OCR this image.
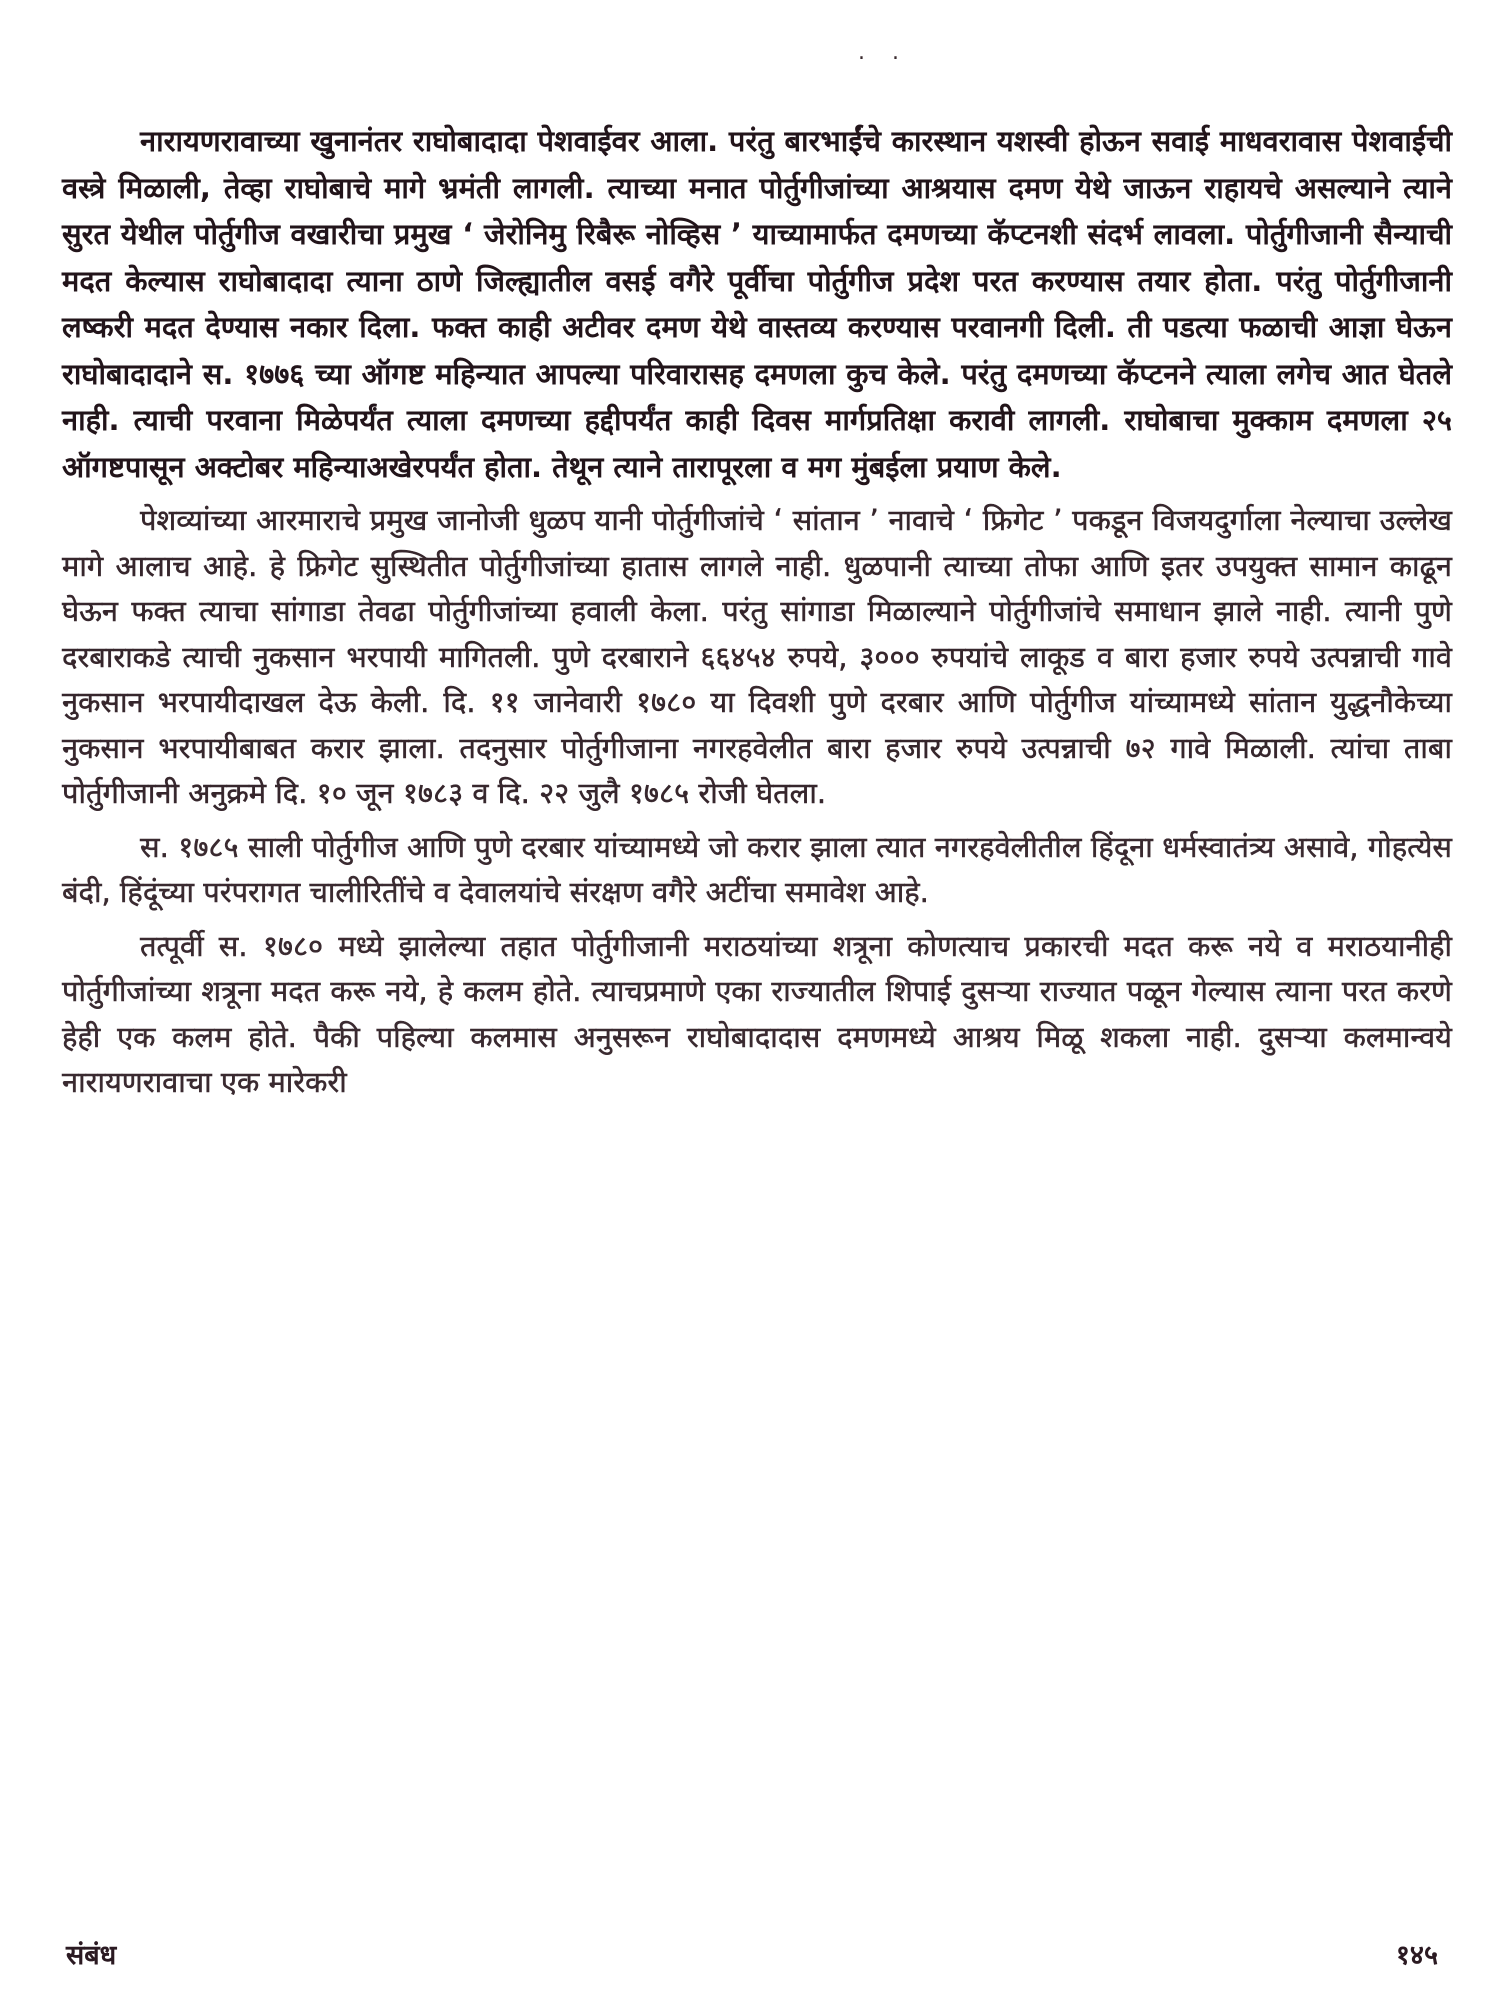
. .

नारायणरावाच्या खुनानंतर राघोबादादा पेशवाईवर आला. परंतु बारभाईंचे कारस्थान यशस्वी होऊन सवाई माधवरावास पेशवाईची वस्त्रे मिळाली, तेव्हा राघोबाचे मागे भ्रमंती लागली. त्याच्या मनात पोर्तुगीजांच्या आश्रयास दमण येथे जाऊन राहायचे असल्याने त्याने सुरत येथील पोर्तुगीज वखारीचा प्रमुख ‘ जेरोनिमु रिबैरू नोव्हिस ’ याच्यामार्फत दमणच्या कॅप्टनशी संदर्भ लावला. पोर्तुगीजानी सैन्याची मदत केल्यास राघोबादादा त्याना ठाणे जिल्ह्यातील वसई वगैरे पूर्वीचा पोर्तुगीज प्रदेश परत करण्यास तयार होता. परंतु पोर्तुगीजानी लष्करी मदत देण्यास नकार दिला. फक्त काही अटीवर दमण येथे वास्तव्य करण्यास परवानगी दिली. ती पडत्या फळाची आज्ञा घेऊन राघोबादादाने स. १७७६ च्या ऑगष्ट महिन्यात आपल्या परिवारासह दमणला कुच केले. परंतु दमणच्या कॅप्टनने त्याला लगेच आत घेतले नाही. त्याची परवाना मिळेपर्यंत त्याला दमणच्या हद्दीपर्यंत काही दिवस मार्गप्रतिक्षा करावी लागली. राघोबाचा मुक्काम दमणला २५ ऑगष्टपासून अक्टोबर महिन्याअखेरपर्यंत होता. तेथून त्याने तारापूरला व मग मुंबईला प्रयाण केले.

पेशव्यांच्या आरमाराचे प्रमुख जानोजी धुळप यानी पोर्तुगीजांचे ‘ सांतान ’ नावाचे ‘ फ्रिगेट ’ पकडून विजयदुर्गाला नेल्याचा उल्लेख मागे आलाच आहे. हे फ्रिगेट सुस्थितीत पोर्तुगीजांच्या हातास लागले नाही. धुळपानी त्याच्या तोफा आणि इतर उपयुक्त सामान काढून घेऊन फक्त त्याचा सांगाडा तेवढा पोर्तुगीजांच्या हवाली केला. परंतु सांगाडा मिळाल्याने पोर्तुगीजांचे समाधान झाले नाही. त्यानी पुणे दरबाराकडे त्याची नुकसान भरपायी मागितली. पुणे दरबाराने ६६४५४ रुपये, ३००० रुपयांचे लाकूड व बारा हजार रुपये उत्पन्नाची गावे नुकसान भरपायीदाखल देऊ केली. दि. ११ जानेवारी १७८० या दिवशी पुणे दरबार आणि पोर्तुगीज यांच्यामध्ये सांतान युद्धनौकेच्या नुकसान भरपायीबाबत करार झाला. तदनुसार पोर्तुगीजाना नगरहवेलीत बारा हजार रुपये उत्पन्नाची ७२ गावे मिळाली. त्यांचा ताबा पोर्तुगीजानी अनुक्रमे दि. १० जून १७८३ व दि. २२ जुलै १७८५ रोजी घेतला.

स. १७८५ साली पोर्तुगीज आणि पुणे दरबार यांच्यामध्ये जो करार झाला त्यात नगरहवेलीतील हिंदूना धर्मस्वातंत्र्य असावे, गोहत्येस बंदी, हिंदूंच्या परंपरागत चालीरितींचे व देवालयांचे संरक्षण वगैरे अटींचा समावेश आहे.

तत्पूर्वी स. १७८० मध्ये झालेल्या तहात पोर्तुगीजानी मराठयांच्या शत्रूना कोणत्याच प्रकारची मदत करू नये व मराठयानीही पोर्तुगीजांच्या शत्रूना मदत करू नये, हे कलम होते. त्याचप्रमाणे एका राज्यातील शिपाई दुसऱ्या राज्यात पळून गेल्यास त्याना परत करणे हेही एक कलम होते. पैकी पहिल्या कलमास अनुसरून राघोबादादास दमणमध्ये आश्रय मिळू शकला नाही. दुसऱ्या कलमान्वये नारायणरावाचा एक मारेकरी

संबंध	१४५
